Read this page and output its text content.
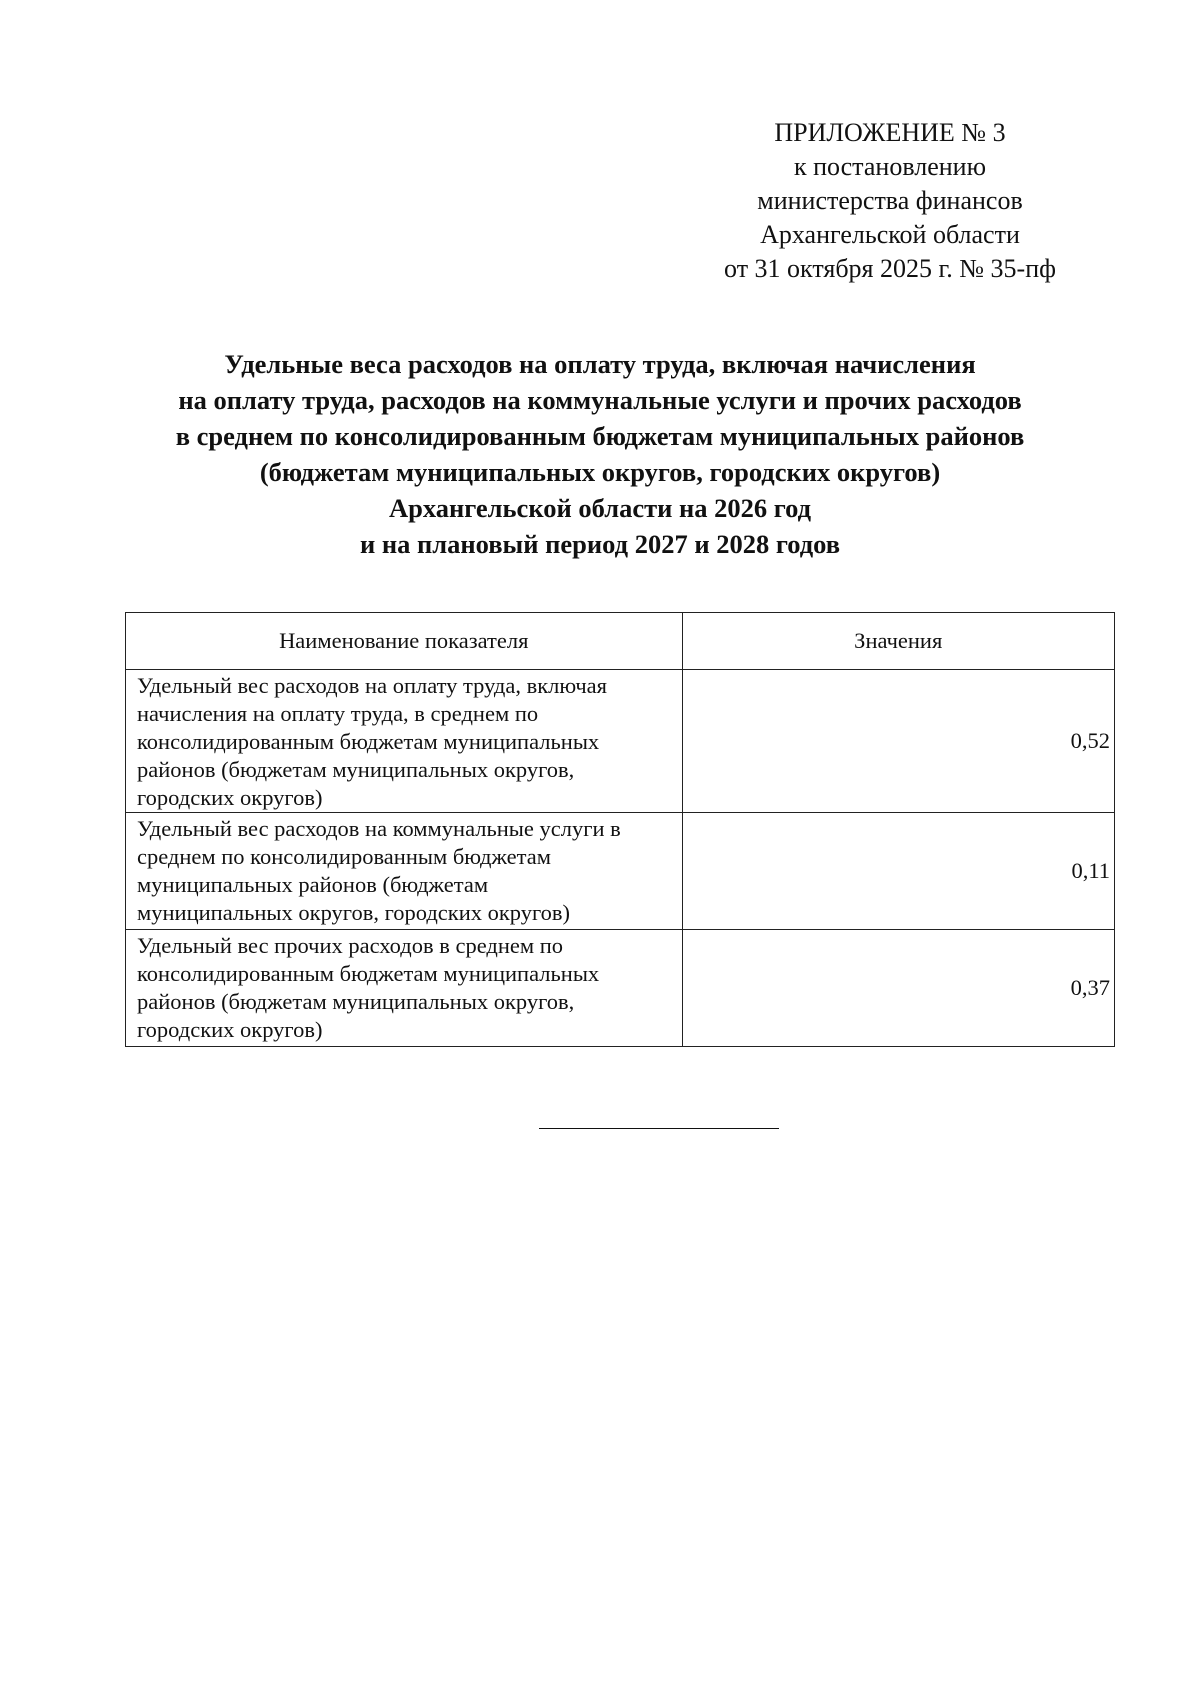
ПРИЛОЖЕНИЕ № 3
к постановлению
министерства финансов
Архангельской области
от 31 октября 2025 г. № 35-пф
Удельные веса расходов на оплату труда, включая начисления
на оплату труда, расходов на коммунальные услуги и прочих расходов
в среднем по консолидированным бюджетам муниципальных районов
(бюджетам муниципальных округов, городских округов)
Архангельской области на 2026 год
и на плановый период 2027 и 2028 годов
Наименование показателя	Значения

Удельный вес расходов на оплату труда, включая
начисления на оплату труда, в среднем по
консолидированным бюджетам муниципальных
районов (бюджетам муниципальных округов,
городских округов)	0,52

Удельный вес расходов на коммунальные услуги в
среднем по консолидированным бюджетам
муниципальных районов (бюджетам
муниципальных округов, городских округов)	0,11

Удельный вес прочих расходов в среднем по
консолидированным бюджетам муниципальных
районов (бюджетам муниципальных округов,
городских округов)	0,37
